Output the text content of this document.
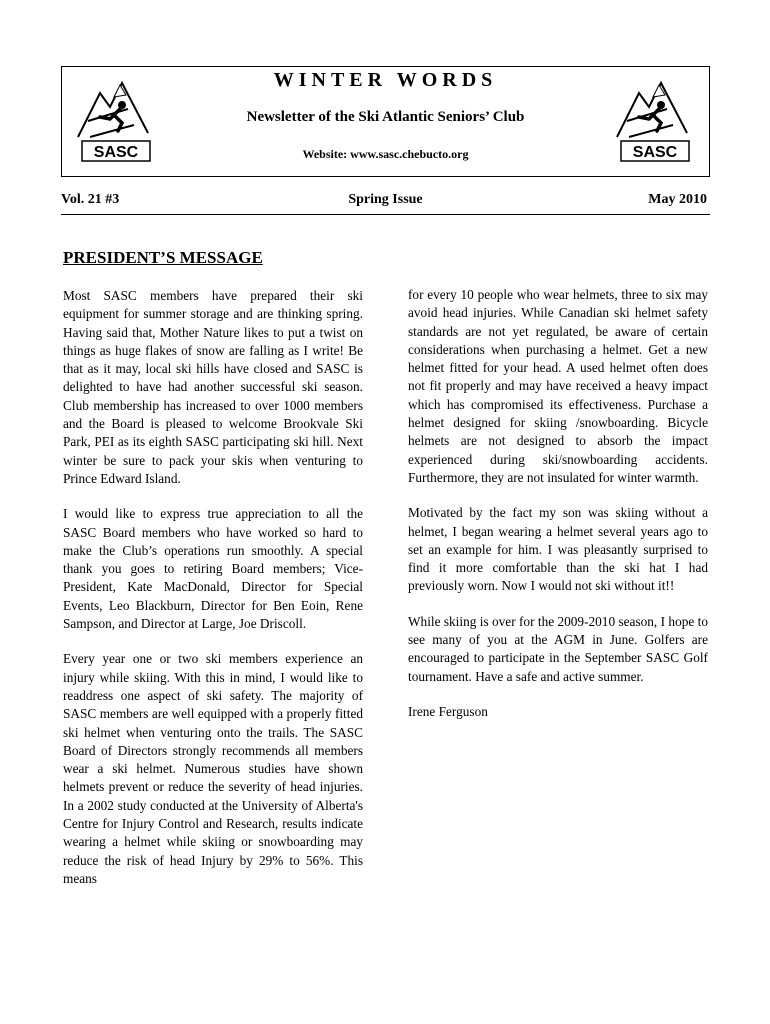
SASC
WINTER WORDS
Newsletter of the Ski Atlantic Seniors’ Club
Website: www.sasc.chebucto.org	SASC
Vol. 21 #3	Spring Issue	May 2010
PRESIDENT’S MESSAGE

Most SASC members have prepared their ski equipment for summer storage and are thinking spring. Having said that, Mother Nature likes to put a twist on things as huge flakes of snow are falling as I write! Be that as it may, local ski hills have closed and SASC is delighted to have had another successful ski season. Club membership has increased to over 1000 members and the Board is pleased to welcome Brookvale Ski Park, PEI as its eighth SASC participating ski hill. Next winter be sure to pack your skis when venturing to Prince Edward Island.

I would like to express true appreciation to all the SASC Board members who have worked so hard to make the Club’s operations run smoothly. A special thank you goes to retiring Board members; Vice-President, Kate MacDonald, Director for Special Events, Leo Blackburn, Director for Ben Eoin, Rene Sampson, and Director at Large, Joe Driscoll.

Every year one or two ski members experience an injury while skiing. With this in mind, I would like to readdress one aspect of ski safety. The majority of SASC members are well equipped with a properly fitted ski helmet when venturing onto the trails. The SASC Board of Directors strongly recommends all members wear a ski helmet. Numerous studies have shown helmets prevent or reduce the severity of head injuries. In a 2002 study conducted at the University of Alberta's Centre for Injury Control and Research, results indicate wearing a helmet while skiing or snowboarding may reduce the risk of head Injury by 29% to 56%. This means

for every 10 people who wear helmets, three to six may avoid head injuries. While Canadian ski helmet safety standards are not yet regulated, be aware of certain considerations when purchasing a helmet. Get a new helmet fitted for your head. A used helmet often does not fit properly and may have received a heavy impact which has compromised its effectiveness. Purchase a helmet designed for skiing /snowboarding. Bicycle helmets are not designed to absorb the impact experienced during ski/snowboarding accidents. Furthermore, they are not insulated for winter warmth.

Motivated by the fact my son was skiing without a helmet, I began wearing a helmet several years ago to set an example for him. I was pleasantly surprised to find it more comfortable than the ski hat I had previously worn. Now I would not ski without it!!

While skiing is over for the 2009-2010 season, I hope to see many of you at the AGM in June. Golfers are encouraged to participate in the September SASC Golf tournament. Have a safe and active summer.

Irene Ferguson
